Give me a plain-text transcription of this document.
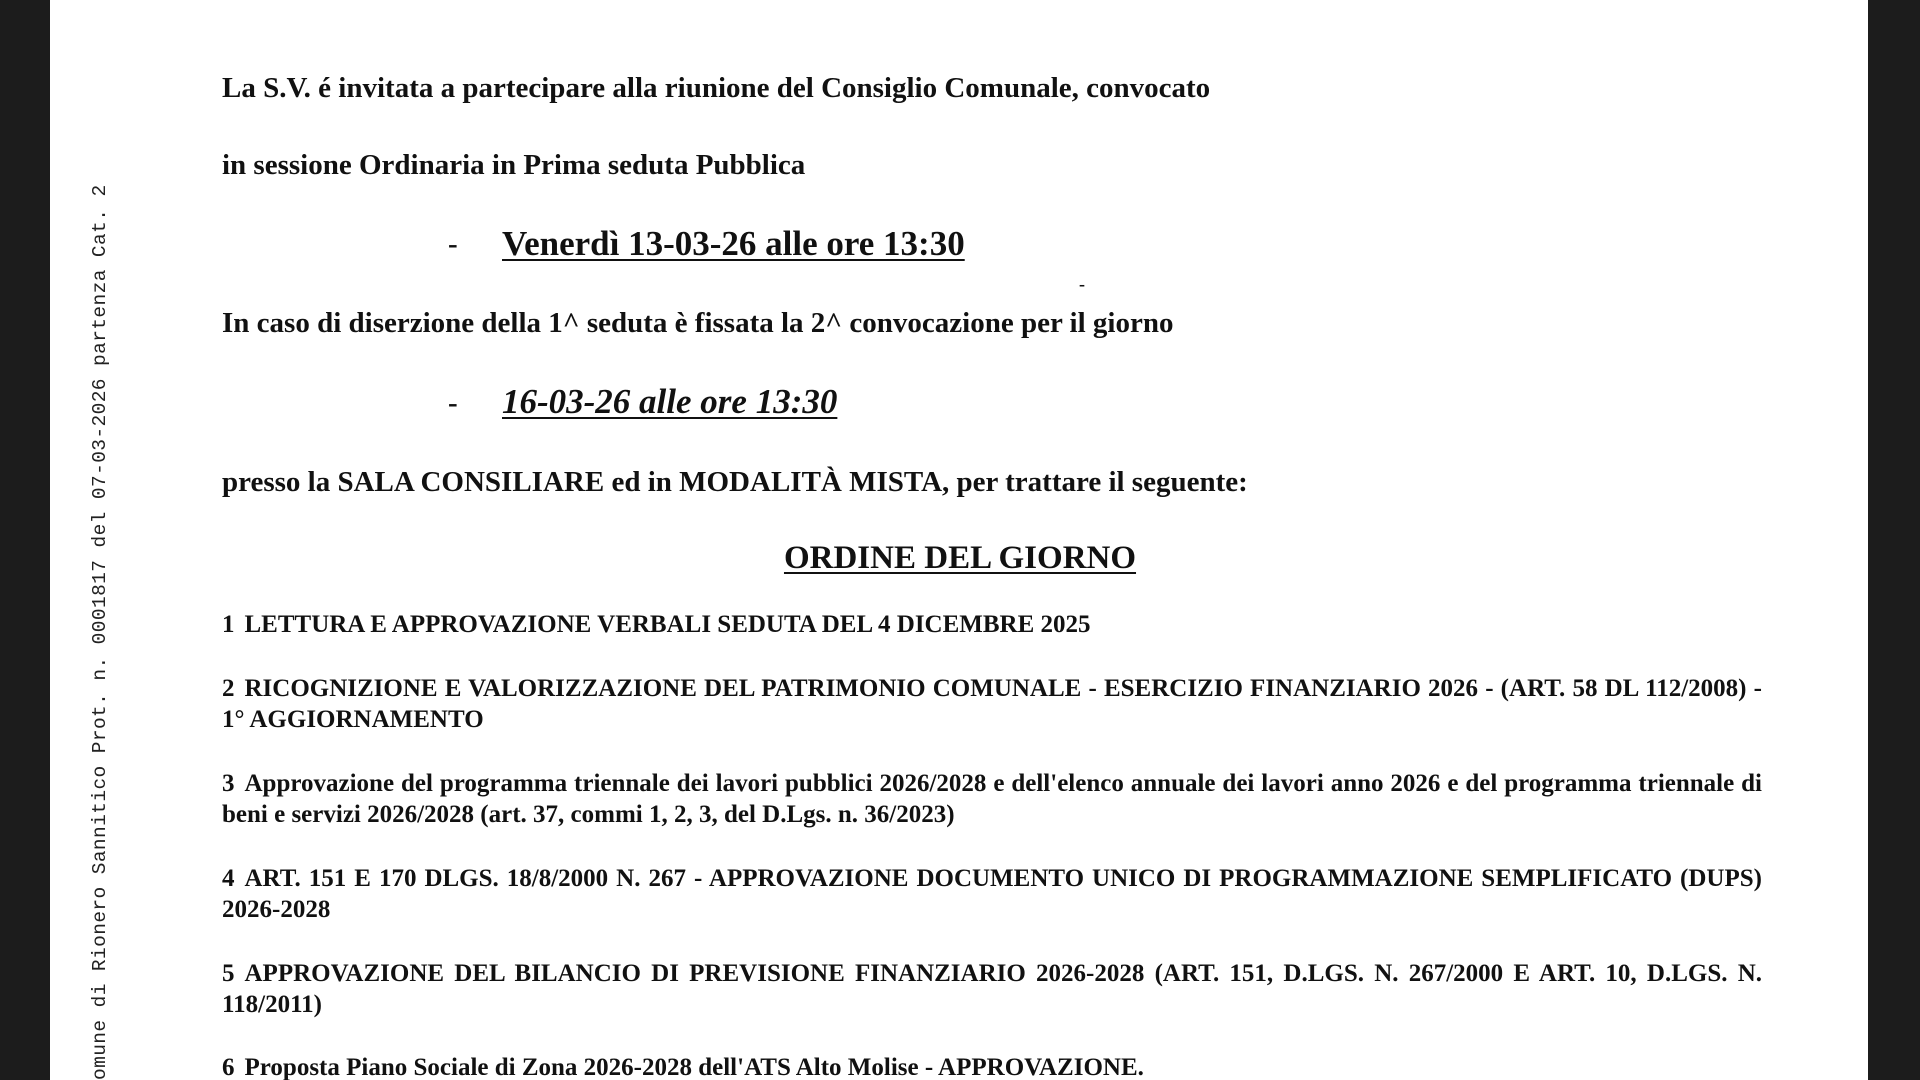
omune di Rionero Sannitico Prot. n. 0001817 del 07-03-2026 partenza Cat. 2
La S.V. é invitata a partecipare alla riunione del Consiglio Comunale, convocato
in sessione Ordinaria in Prima seduta Pubblica
- Venerdì 13-03-26 alle ore 13:30
-
In caso di diserzione della 1^ seduta è fissata la 2^ convocazione per il giorno
- 16-03-26 alle ore 13:30
presso la SALA CONSILIARE ed in MODALITÀ MISTA, per trattare il seguente:
ORDINE DEL GIORNO
1 LETTURA E APPROVAZIONE VERBALI SEDUTA DEL 4 DICEMBRE 2025
2 RICOGNIZIONE E VALORIZZAZIONE DEL PATRIMONIO COMUNALE - ESERCIZIO FINANZIARIO 2026 - (ART. 58 DL 112/2008) - 1° AGGIORNAMENTO
3 Approvazione del programma triennale dei lavori pubblici 2026/2028 e dell'elenco annuale dei lavori anno 2026 e del programma triennale di beni e servizi 2026/2028 (art. 37, commi 1, 2, 3, del D.Lgs. n. 36/2023)
4 ART. 151 E 170 DLGS. 18/8/2000 N. 267 - APPROVAZIONE DOCUMENTO UNICO DI PROGRAMMAZIONE SEMPLIFICATO (DUPS) 2026-2028
5 APPROVAZIONE DEL BILANCIO DI PREVISIONE FINANZIARIO 2026-2028 (ART. 151, D.LGS. N. 267/2000 E ART. 10, D.LGS. N. 118/2011)
6 Proposta Piano Sociale di Zona 2026-2028 dell'ATS Alto Molise - APPROVAZIONE.
